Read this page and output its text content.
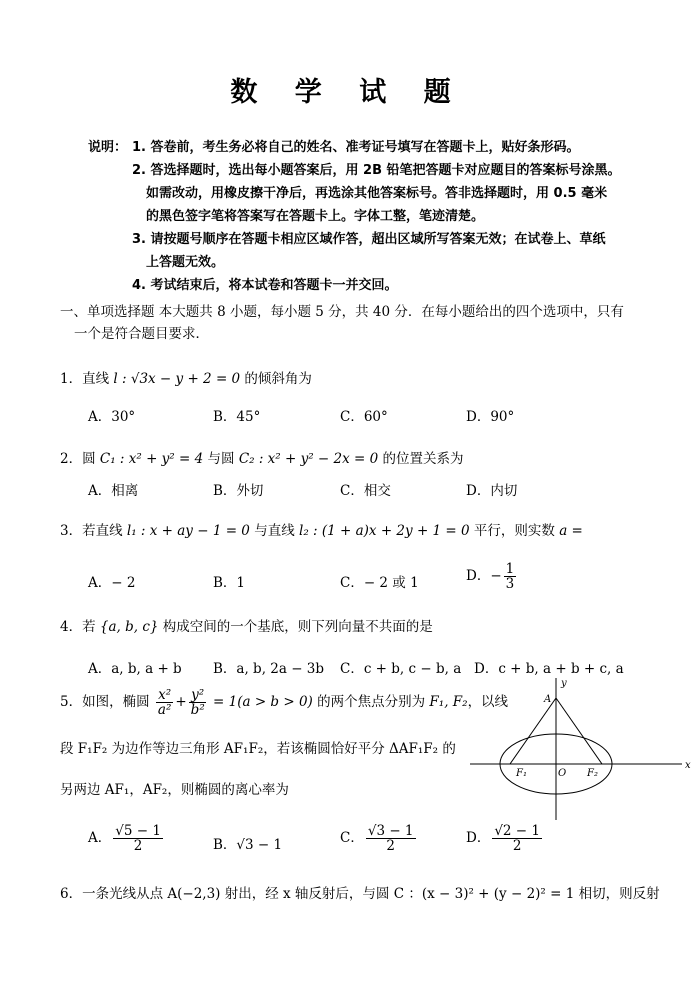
数 学 试 题
说明： 1. 答卷前，考生务必将自己的姓名、准考证号填写在答题卡上，贴好条形码。
2. 答选择题时，选出每小题答案后，用 2B 铅笔把答题卡对应题目的答案标号涂黑。
如需改动，用橡皮擦干净后，再选涂其他答案标号。答非选择题时，用 0.5 毫米
的黑色签字笔将答案写在答题卡上。字体工整，笔迹清楚。
3. 请按题号顺序在答题卡相应区域作答，超出区域所写答案无效；在试卷上、草纸
上答题无效。
4. 考试结束后，将本试卷和答题卡一并交回。
一、单项选择题 本大题共 8 小题，每小题 5 分，共 40 分．在每小题给出的四个选项中，只有
一个是符合题目要求．
1．直线 l : √3x − y + 2 = 0 的倾斜角为
A．30°	B．45°	C．60°	D．90°
2．圆 C₁ : x² + y² = 4 与圆 C₂ : x² + y² − 2x = 0 的位置关系为
A．相离	B．外切	C．相交	D．内切
3．若直线 l₁ : x + ay − 1 = 0 与直线 l₂ : (1 + a)x + 2y + 1 = 0 平行，则实数 a =
A．− 2	B．1	C．− 2 或 1	D．− $\frac{1}{3}$
4．若 {a, b, c} 构成空间的一个基底，则下列向量不共面的是
A．a, b, a + b B．a, b, 2a − 3b C．c + b, c − b, a D．c + b, a + b + c, a
5．如图，椭圆 $\frac{\text{x²}}{\text{a²}} + \frac{\text{y²}}{\text{b²}} = 1(a > b > 0)$ 的两个焦点分别为 F₁, F₂，以线
段 F₁F₂ 为边作等边三角形 AF₁F₂，若该椭圆恰好平分 ΔAF₁F₂ 的
另两边 AF₁，AF₂，则椭圆的离心率为
y
x
A
F₁	O F₂
A． $\frac{√5 - 1}{2}$	B．√3 − 1	C． $\frac{√3 - 1}{2}$	D． $\frac{√2 - 1}{2}$
6．一条光线从点 A(−2,3) 射出，经 x 轴反射后，与圆 C ：(x − 3)² + (y − 2)² = 1 相切，则反射
